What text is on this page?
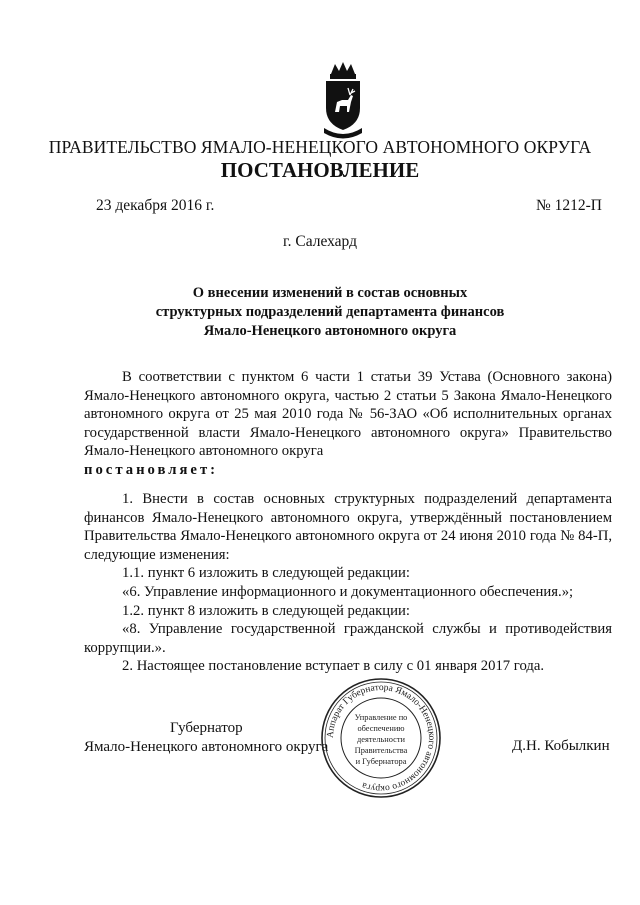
ПРАВИТЕЛЬСТВО ЯМАЛО-НЕНЕЦКОГО АВТОНОМНОГО ОКРУГА
ПОСТАНОВЛЕНИЕ
23 декабря 2016 г.	№ 1212-П
г. Салехард
О внесении изменений в состав основных
структурных подразделений департамента финансов
Ямало-Ненецкого автономного округа
В соответствии с пунктом 6 части 1 статьи 39 Устава (Основного закона) Ямало-Ненецкого автономного округа, частью 2 статьи 5 Закона Ямало-Ненецкого автономного округа от 25 мая 2010 года № 56-ЗАО «Об исполнительных органах государственной власти Ямало-Ненецкого автономного округа» Правительство Ямало-Ненецкого автономного округа
постановляет:
1. Внести в состав основных структурных подразделений департамента финансов Ямало-Ненецкого автономного округа, утверждённый постановлением Правительства Ямало-Ненецкого автономного округа от 24 июня 2010 года № 84-П, следующие изменения:
1.1. пункт 6 изложить в следующей редакции:
«6. Управление информационного и документационного обеспечения.»;
1.2. пункт 8 изложить в следующей редакции:
«8. Управление государственной гражданской службы и противодействия коррупции.».
2. Настоящее постановление вступает в силу с 01 января 2017 года.
Губернатор
Ямало-Ненецкого автономного округа	Д.Н. Кобылкин
Аппарат Губернатора Ямало-Ненецкого автономного округа
Управление по
обеспечению
деятельности
Правительства
и Губернатора
